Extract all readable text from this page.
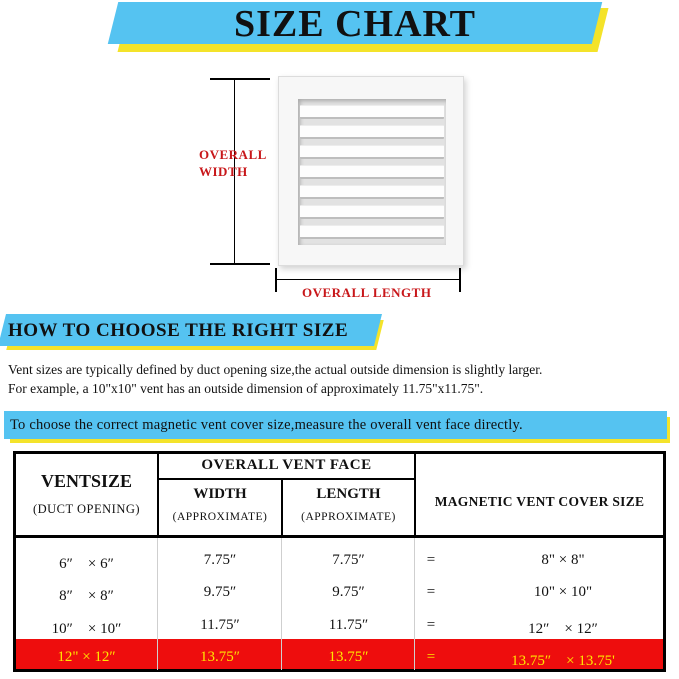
SIZE CHART
OVERALL
WIDTH
OVERALL LENGTH
HOW TO CHOOSE THE RIGHT SIZE
Vent sizes are typically defined by duct opening size,the actual outside dimension is slightly larger.
For example, a 10"x10" vent has an outside dimension of approximately 11.75"x11.75".
To choose the correct magnetic vent cover size,measure the overall vent face directly.
VENTSIZE
(DUCT OPENING)
OVERALL VENT FACE
WIDTH
(APPROXIMATE)
LENGTH
(APPROXIMATE)
MAGNETIC VENT COVER SIZE
6″　× 6″	7.75″	7.75″	=	8" × 8"
8″　× 8″	9.75″	9.75″	=	10" × 10"
10″　× 10″	11.75″	11.75″	=	12″　× 12″
12" × 12″	13.75″	13.75″	=	13.75″　× 13.75'
